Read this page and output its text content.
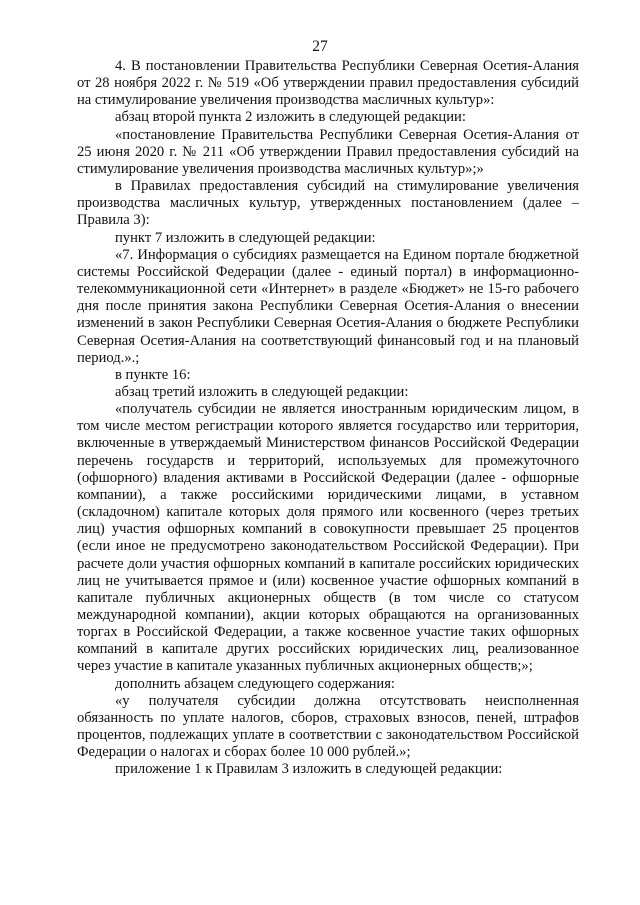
27

4. В постановлении Правительства Республики Северная Осетия-Алания от 28 ноября 2022 г. № 519 «Об утверждении правил предоставления субсидий на стимулирование увеличения производства масличных культур»:

абзац второй пункта 2 изложить в следующей редакции:

«постановление Правительства Республики Северная Осетия-Алания от 25 июня 2020 г. № 211 «Об утверждении Правил предоставления субсидий на стимулирование увеличения производства масличных культур»;»

в Правилах предоставления субсидий на стимулирование увеличения производства масличных культур, утвержденных постановлением (далее – Правила 3):

пункт 7 изложить в следующей редакции:

«7. Информация о субсидиях размещается на Едином портале бюджетной системы Российской Федерации (далее - единый портал) в информационно-телекоммуникационной сети «Интернет» в разделе «Бюджет» не 15-го рабочего дня после принятия закона Республики Северная Осетия-Алания о внесении изменений в закон Республики Северная Осетия-Алания о бюджете Республики Северная Осетия-Алания на соответствующий финансовый год и на плановый период.».;

в пункте 16:

абзац третий изложить в следующей редакции:

«получатель субсидии не является иностранным юридическим лицом, в том числе местом регистрации которого является государство или территория, включенные в утверждаемый Министерством финансов Российской Федерации перечень государств и территорий, используемых для промежуточного (офшорного) владения активами в Российской Федерации (далее - офшорные компании), а также российскими юридическими лицами, в уставном (складочном) капитале которых доля прямого или косвенного (через третьих лиц) участия офшорных компаний в совокупности превышает 25 процентов (если иное не предусмотрено законодательством Российской Федерации). При расчете доли участия офшорных компаний в капитале российских юридических лиц не учитывается прямое и (или) косвенное участие офшорных компаний в капитале публичных акционерных обществ (в том числе со статусом международной компании), акции которых обращаются на организованных торгах в Российской Федерации, а также косвенное участие таких офшорных компаний в капитале других российских юридических лиц, реализованное через участие в капитале указанных публичных акционерных обществ;»;

дополнить абзацем следующего содержания:

«у получателя субсидии должна отсутствовать неисполненная обязанность по уплате налогов, сборов, страховых взносов, пеней, штрафов процентов, подлежащих уплате в соответствии с законодательством Российской Федерации о налогах и сборах более 10 000 рублей.»;

приложение 1 к Правилам 3 изложить в следующей редакции:
